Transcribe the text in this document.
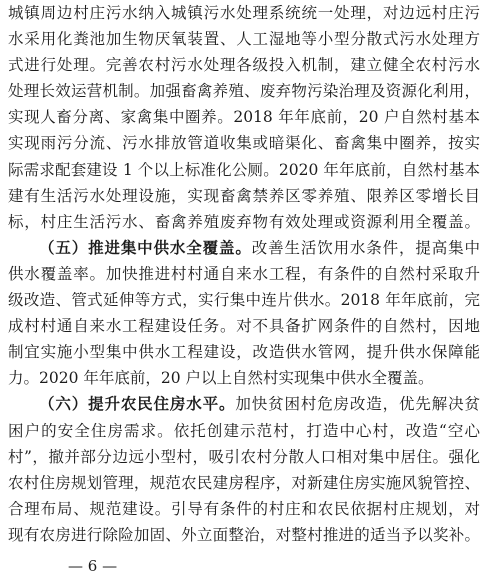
城镇周边村庄污水纳入城镇污水处理系统统一处理，对边远村庄污
水采用化粪池加生物厌氧装置、人工湿地等小型分散式污水处理方
式进行处理。完善农村污水处理各级投入机制，建立健全农村污水
处理长效运营机制。加强畜禽养殖、废弃物污染治理及资源化利用，
实现人畜分离、家禽集中圈养。2018 年年底前，20 户自然村基本
实现雨污分流、污水排放管道收集或暗渠化、畜禽集中圈养，按实
际需求配套建设 1 个以上标准化公厕。2020 年年底前，自然村基本
建有生活污水处理设施，实现畜禽禁养区零养殖、限养区零增长目
标，村庄生活污水、畜禽养殖废弃物有效处理或资源利用全覆盖。
（五）推进集中供水全覆盖。改善生活饮用水条件，提高集中
供水覆盖率。加快推进村村通自来水工程，有条件的自然村采取升
级改造、管式延伸等方式，实行集中连片供水。2018 年年底前，完
成村村通自来水工程建设任务。对不具备扩网条件的自然村，因地
制宜实施小型集中供水工程建设，改造供水管网，提升供水保障能
力。2020 年年底前，20 户以上自然村实现集中供水全覆盖。
（六）提升农民住房水平。加快贫困村危房改造，优先解决贫
困户的安全住房需求。依托创建示范村，打造中心村，改造“空心
村”，撤并部分边远小型村，吸引农村分散人口相对集中居住。强化
农村住房规划管理，规范农民建房程序，对新建住房实施风貌管控、
合理布局、规范建设。引导有条件的村庄和农民依据村庄规划，对
现有农房进行除险加固、外立面整治，对整村推进的适当予以奖补。
— 6 —
